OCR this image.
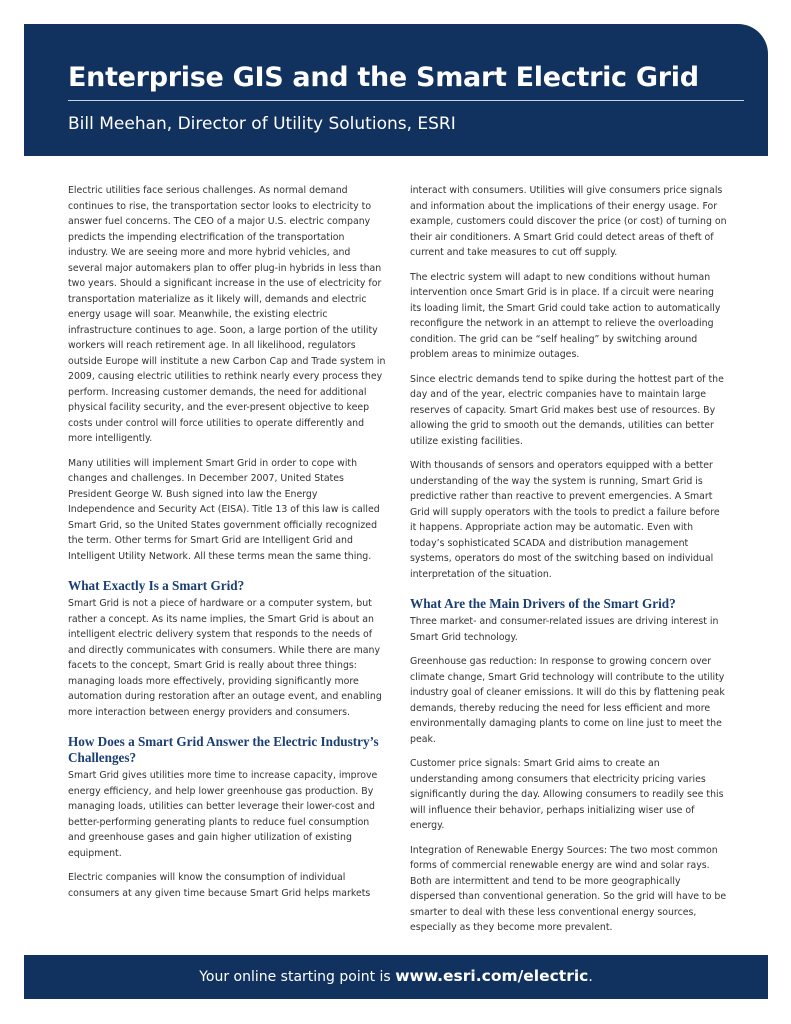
Enterprise GIS and the Smart Electric Grid
Bill Meehan, Director of Utility Solutions, ESRI

Electric utilities face serious challenges. As normal demand continues to rise, the transportation sector looks to electricity to answer fuel concerns. The CEO of a major U.S. electric company predicts the impending electrification of the transportation industry. We are seeing more and more hybrid vehicles, and several major automakers plan to offer plug-in hybrids in less than two years. Should a significant increase in the use of electricity for transportation materialize as it likely will, demands and electric energy usage will soar. Meanwhile, the existing electric infrastructure continues to age. Soon, a large portion of the utility workers will reach retirement age. In all likelihood, regulators outside Europe will institute a new Carbon Cap and Trade system in 2009, causing electric utilities to rethink nearly every process they perform. Increasing customer demands, the need for additional physical facility security, and the ever-present objective to keep costs under control will force utilities to operate differently and more intelligently.

Many utilities will implement Smart Grid in order to cope with changes and challenges. In December 2007, United States President George W. Bush signed into law the Energy Independence and Security Act (EISA). Title 13 of this law is called Smart Grid, so the United States government officially recognized the term. Other terms for Smart Grid are Intelligent Grid and Intelligent Utility Network. All these terms mean the same thing.

What Exactly Is a Smart Grid?

Smart Grid is not a piece of hardware or a computer system, but rather a concept. As its name implies, the Smart Grid is about an intelligent electric delivery system that responds to the needs of and directly communicates with consumers. While there are many facets to the concept, Smart Grid is really about three things: managing loads more effectively, providing significantly more automation during restoration after an outage event, and enabling more interaction between energy providers and consumers.

How Does a Smart Grid Answer the Electric Industry’s Challenges?

Smart Grid gives utilities more time to increase capacity, improve energy efficiency, and help lower greenhouse gas production. By managing loads, utilities can better leverage their lower-cost and better-performing generating plants to reduce fuel consumption and greenhouse gases and gain higher utilization of existing equipment.

Electric companies will know the consumption of individual consumers at any given time because Smart Grid helps markets

interact with consumers. Utilities will give consumers price signals and information about the implications of their energy usage. For example, customers could discover the price (or cost) of turning on their air conditioners. A Smart Grid could detect areas of theft of current and take measures to cut off supply.

The electric system will adapt to new conditions without human intervention once Smart Grid is in place. If a circuit were nearing its loading limit, the Smart Grid could take action to automatically reconfigure the network in an attempt to relieve the overloading condition. The grid can be “self healing” by switching around problem areas to minimize outages.

Since electric demands tend to spike during the hottest part of the day and of the year, electric companies have to maintain large reserves of capacity. Smart Grid makes best use of resources. By allowing the grid to smooth out the demands, utilities can better utilize existing facilities.

With thousands of sensors and operators equipped with a better understanding of the way the system is running, Smart Grid is predictive rather than reactive to prevent emergencies. A Smart Grid will supply operators with the tools to predict a failure before it happens. Appropriate action may be automatic. Even with today’s sophisticated SCADA and distribution management systems, operators do most of the switching based on individual interpretation of the situation.

What Are the Main Drivers of the Smart Grid?

Three market- and consumer-related issues are driving interest in Smart Grid technology.

Greenhouse gas reduction: In response to growing concern over climate change, Smart Grid technology will contribute to the utility industry goal of cleaner emissions. It will do this by flattening peak demands, thereby reducing the need for less efficient and more environmentally damaging plants to come on line just to meet the peak.

Customer price signals: Smart Grid aims to create an understanding among consumers that electricity pricing varies significantly during the day. Allowing consumers to readily see this will influence their behavior, perhaps initializing wiser use of energy.

Integration of Renewable Energy Sources: The two most common forms of commercial renewable energy are wind and solar rays. Both are intermittent and tend to be more geographically dispersed than conventional generation. So the grid will have to be smarter to deal with these less conventional energy sources, especially as they become more prevalent.

Your online starting point is www.esri.com/electric.
